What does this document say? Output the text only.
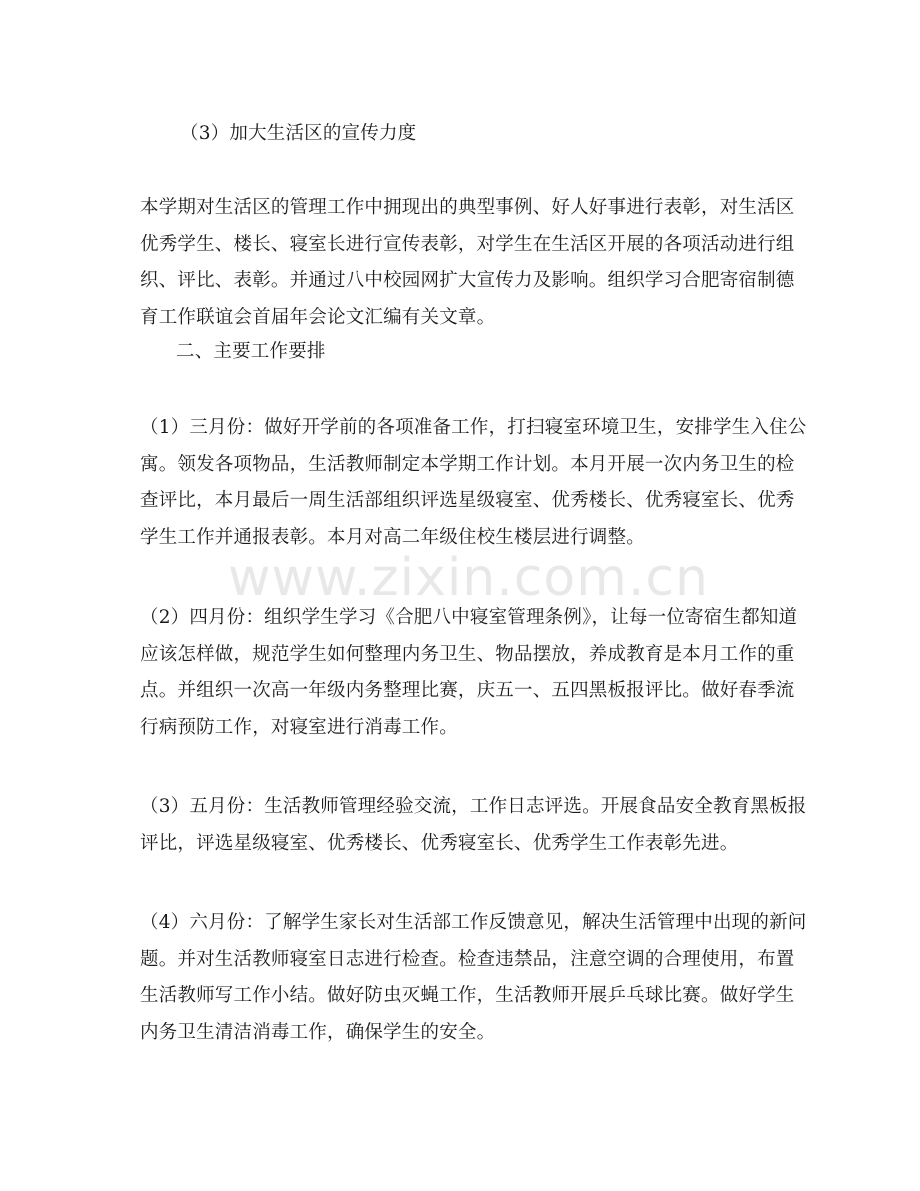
（3）加大生活区的宣传力度
本学期对生活区的管理工作中拥现出的典型事例、好人好事进行表彰，对生活区
优秀学生、楼长、寝室长进行宣传表彰，对学生在生活区开展的各项活动进行组
织、评比、表彰。并通过八中校园网扩大宣传力及影响。组织学习合肥寄宿制德
育工作联谊会首届年会论文汇编有关文章。
二、主要工作要排
（1）三月份：做好开学前的各项准备工作，打扫寝室环境卫生，安排学生入住公
寓。领发各项物品，生活教师制定本学期工作计划。本月开展一次内务卫生的检
查评比，本月最后一周生活部组织评选星级寝室、优秀楼长、优秀寝室长、优秀
学生工作并通报表彰。本月对高二年级住校生楼层进行调整。
（2）四月份：组织学生学习《合肥八中寝室管理条例》，让每一位寄宿生都知道
应该怎样做，规范学生如何整理内务卫生、物品摆放，养成教育是本月工作的重
点。并组织一次高一年级内务整理比赛，庆五一、五四黑板报评比。做好春季流
行病预防工作，对寝室进行消毒工作。
（3）五月份：生活教师管理经验交流，工作日志评选。开展食品安全教育黑板报
评比，评选星级寝室、优秀楼长、优秀寝室长、优秀学生工作表彰先进。
（4）六月份：了解学生家长对生活部工作反馈意见，解决生活管理中出现的新问
题。并对生活教师寝室日志进行检查。检查违禁品，注意空调的合理使用，布置
生活教师写工作小结。做好防虫灭蝇工作，生活教师开展乒乓球比赛。做好学生
内务卫生清洁消毒工作，确保学生的安全。
www.zixin.com.cn
